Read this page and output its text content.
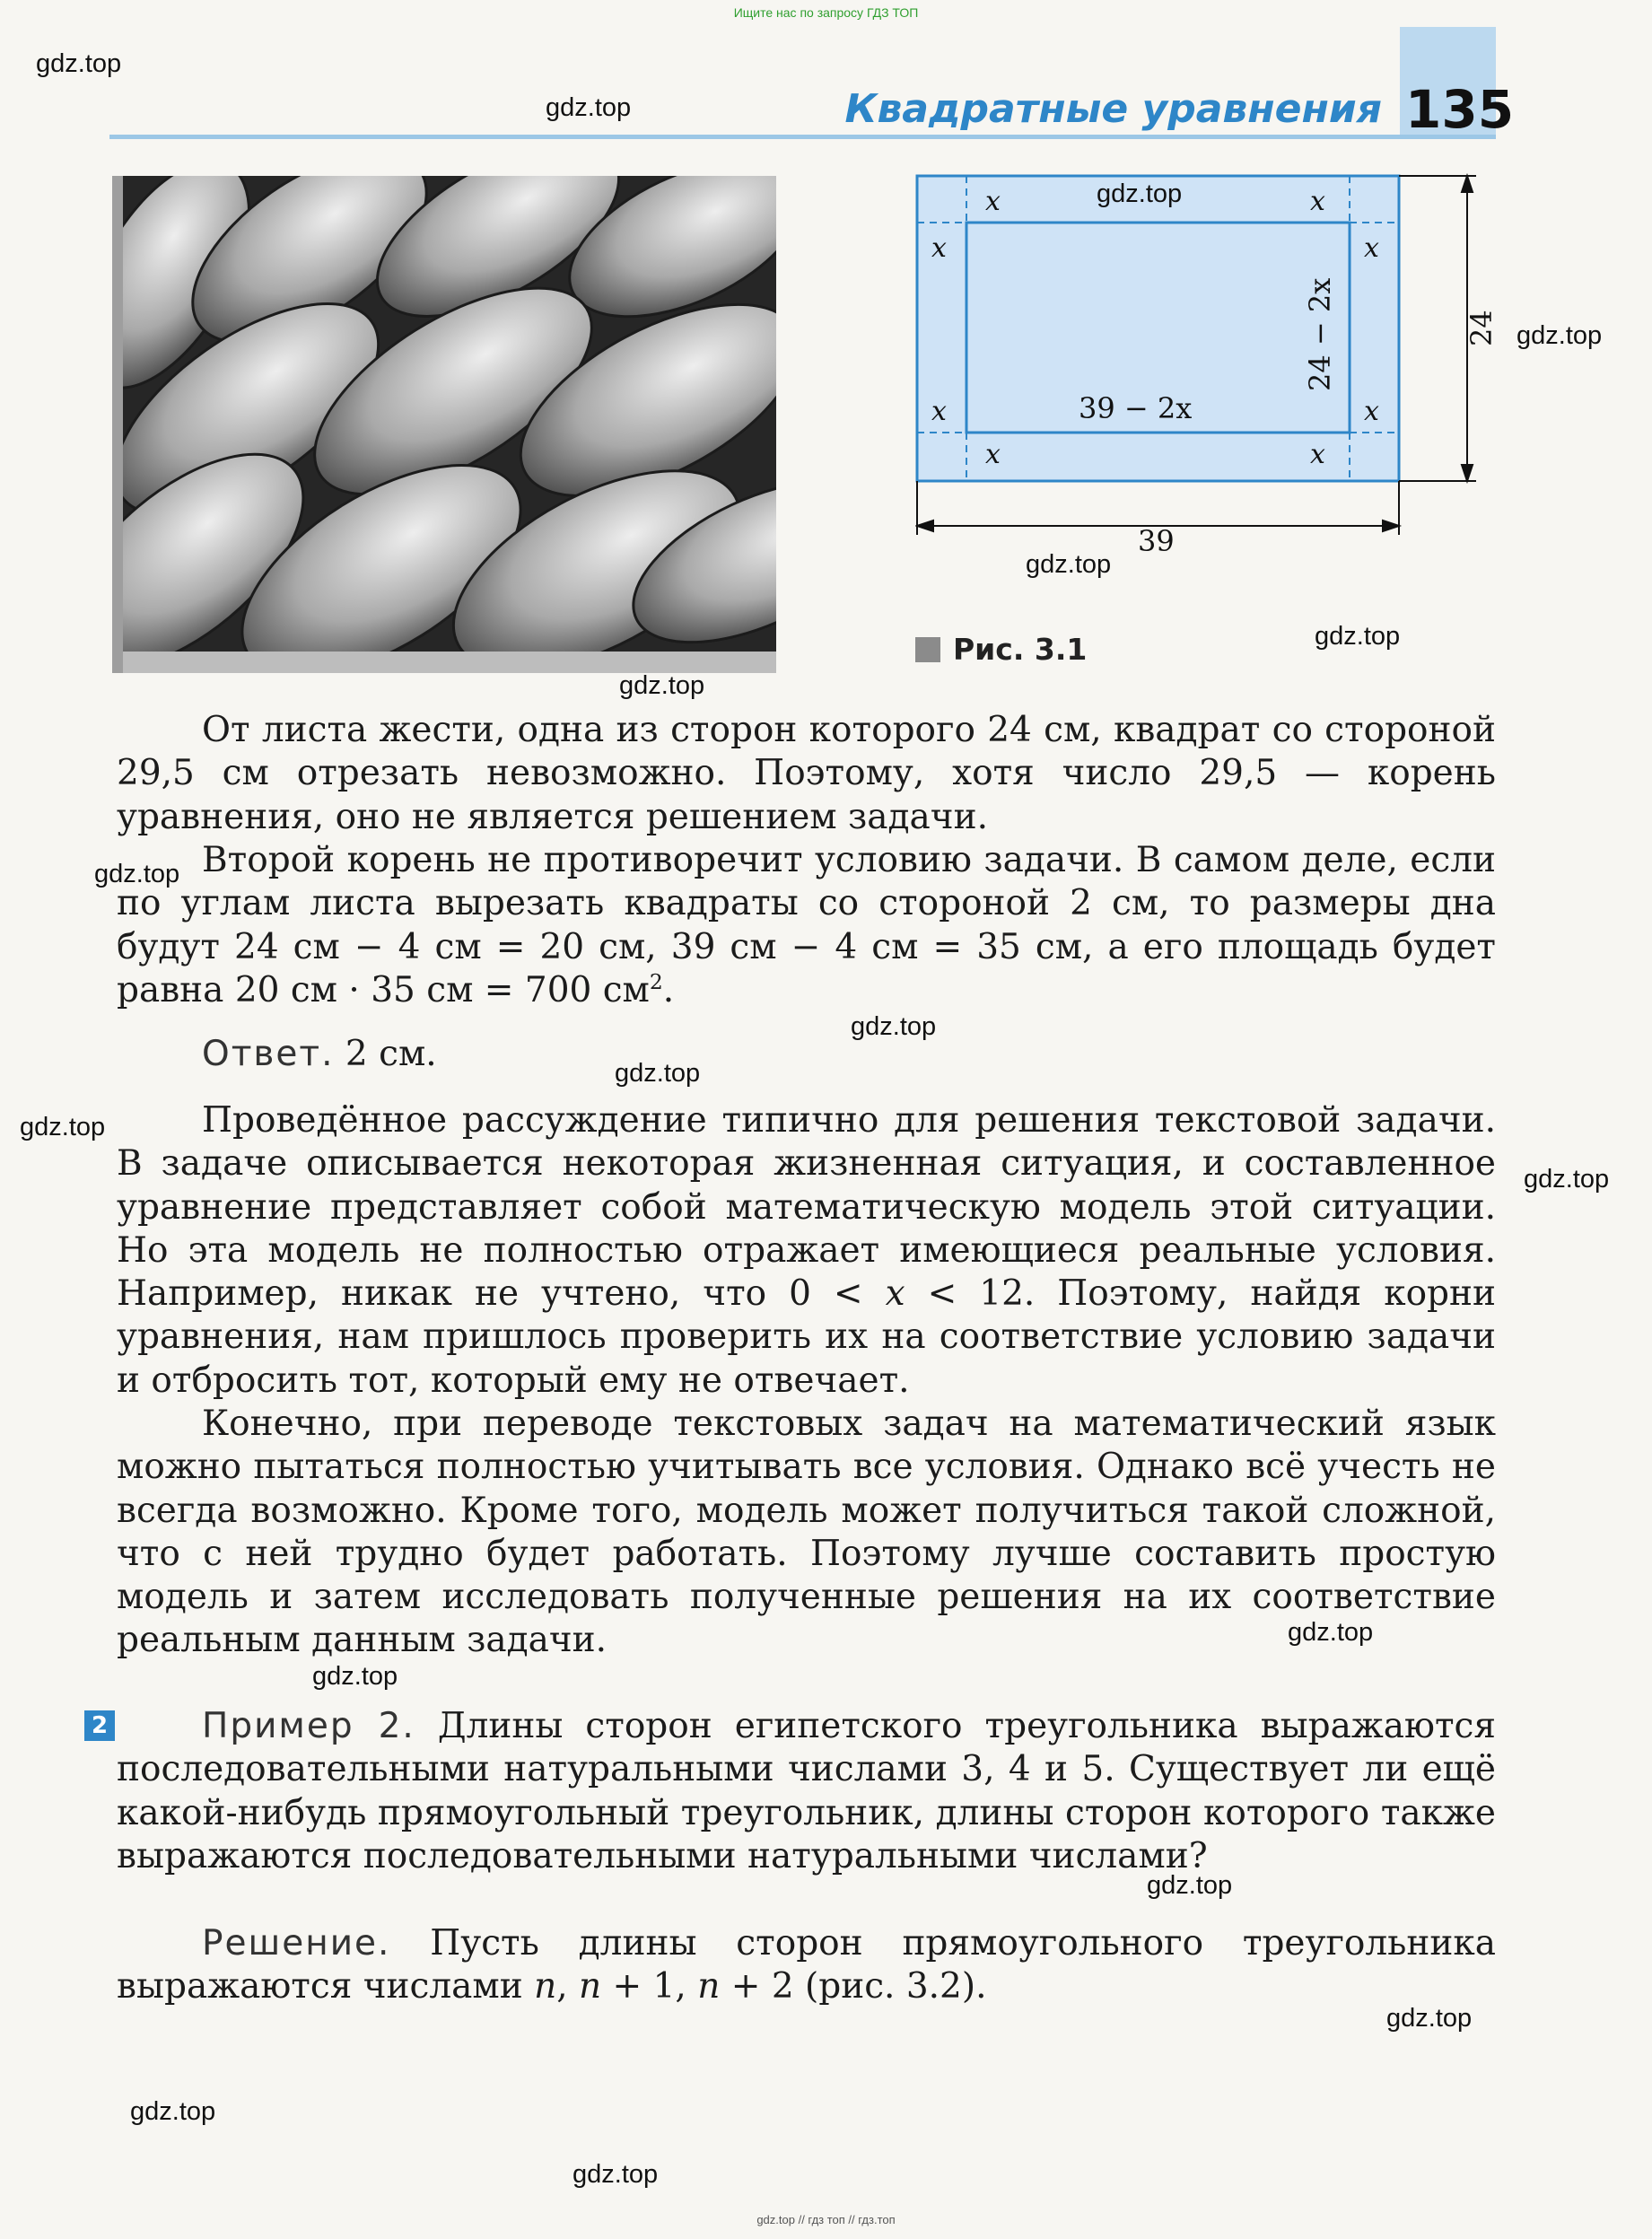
Ищите нас по запросу ГДЗ ТОП
Квадратные уравнения 135
x	x
x	x
x	x
x	x
39 − 2x
24 − 2x	24
39
Рис. 3.1

От листа жести, одна из сторон которого 24 см, квадрат со стороной 29,5 см отрезать невозможно. Поэтому, хотя число 29,5 — корень уравнения, оно не является решением задачи.

Второй корень не противоречит условию задачи. В самом деле, если по углам листа вырезать квадраты со стороной 2 см, то размеры дна будут 24 см − 4 см = 20 см, 39 см − 4 см = 35 см, а его площадь будет равна 20 см · 35 см = 700 $см^2$.

Ответ. 2 см.

Проведённое рассуждение типично для решения текстовой задачи. В задаче описывается некоторая жизненная ситуация, и составленное уравнение представляет собой математическую модель этой ситуации. Но эта модель не полностью отражает имеющиеся реальные условия. Например, никак не учтено, что 0 < x < 12. Поэтому, найдя корни уравнения, нам пришлось проверить их на соответствие условию задачи и отбросить тот, который ему не отвечает.

Конечно, при переводе текстовых задач на математический язык можно пытаться полностью учитывать все условия. Однако всё учесть не всегда возможно. Кроме того, модель может получиться такой сложной, что с ней трудно будет работать. Поэтому лучше составить простую модель и затем исследовать полученные решения на их соответствие реальным данным задачи.

2	Пример 2. Длины сторон египетского треугольника выражаются последовательными натуральными числами 3, 4 и 5. Существует ли ещё какой-нибудь прямоугольный треугольник, длины сторон которого также выражаются последовательными натуральными числами?

Решение. Пусть длины сторон прямоугольного треугольника выражаются числами n, n + 1, n + 2 (рис. 3.2).

gdz.top
gdz.top
gdz.top
gdz.top
gdz.top
gdz.top
gdz.top
gdz.top
gdz.top
gdz.top
gdz.top
gdz.top
gdz.top
gdz.top
gdz.top
gdz.top
gdz.top
gdz.top
gdz.top // гдз топ // гдз.топ
